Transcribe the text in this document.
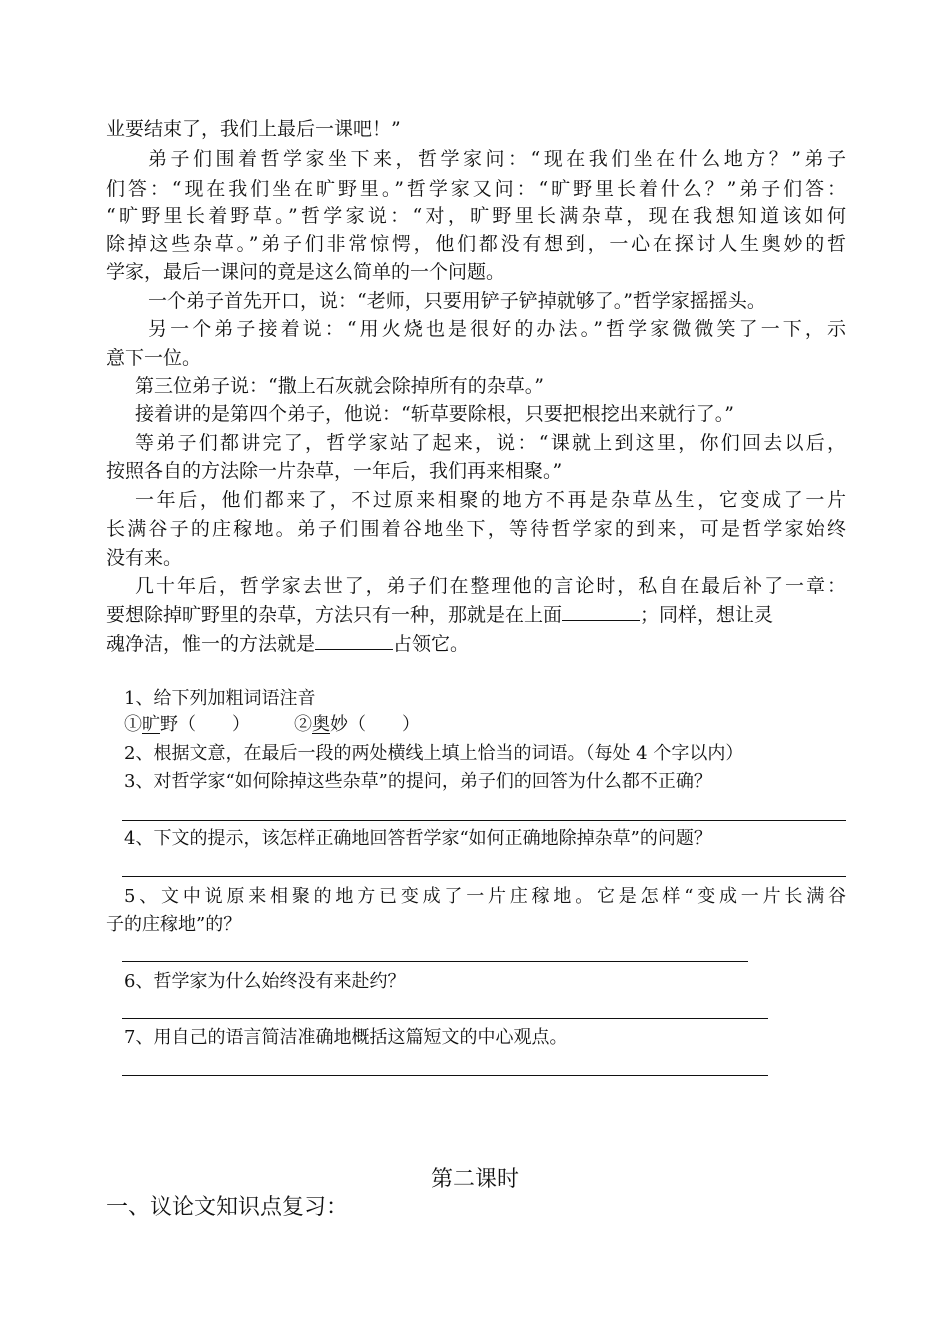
业要结束了，我们上最后一课吧！”
弟子们围着哲学家坐下来，哲学家问：“现在我们坐在什么地方？”弟子
们答：“现在我们坐在旷野里。”哲学家又问：“旷野里长着什么？”弟子们答：
“旷野里长着野草。”哲学家说：“对，旷野里长满杂草，现在我想知道该如何
除掉这些杂草。”弟子们非常惊愕，他们都没有想到，一心在探讨人生奥妙的哲
学家，最后一课问的竟是这么简单的一个问题。
一个弟子首先开口，说：“老师，只要用铲子铲掉就够了。”哲学家摇摇头。
另一个弟子接着说：“用火烧也是很好的办法。”哲学家微微笑了一下，示
意下一位。
第三位弟子说：“撒上石灰就会除掉所有的杂草。”
接着讲的是第四个弟子，他说：“斩草要除根，只要把根挖出来就行了。”
等弟子们都讲完了，哲学家站了起来，说：“课就上到这里，你们回去以后，
按照各自的方法除一片杂草，一年后，我们再来相聚。”
一年后，他们都来了，不过原来相聚的地方不再是杂草丛生，它变成了一片
长满谷子的庄稼地。弟子们围着谷地坐下，等待哲学家的到来，可是哲学家始终
没有来。
几十年后，哲学家去世了，弟子们在整理他的言论时，私自在最后补了一章：
要想除掉旷野里的杂草，方法只有一种，那就是在上面	；同样，想让灵
魂净洁，惟一的方法就是	占领它。
1、给下列加粗词语注音
①旷野（　　） ②奥妙（　　）
2、根据文意，在最后一段的两处横线上填上恰当的词语。（每处 4 个字以内）
3、对哲学家“如何除掉这些杂草”的提问，弟子们的回答为什么都不正确？
4、下文的提示，该怎样正确地回答哲学家“如何正确地除掉杂草”的问题？
5、文中说原来相聚的地方已变成了一片庄稼地。它是怎样“变成一片长满谷
子的庄稼地”的？
6、哲学家为什么始终没有来赴约？
7、用自己的语言简洁准确地概括这篇短文的中心观点。
第二课时
一、议论文知识点复习：
